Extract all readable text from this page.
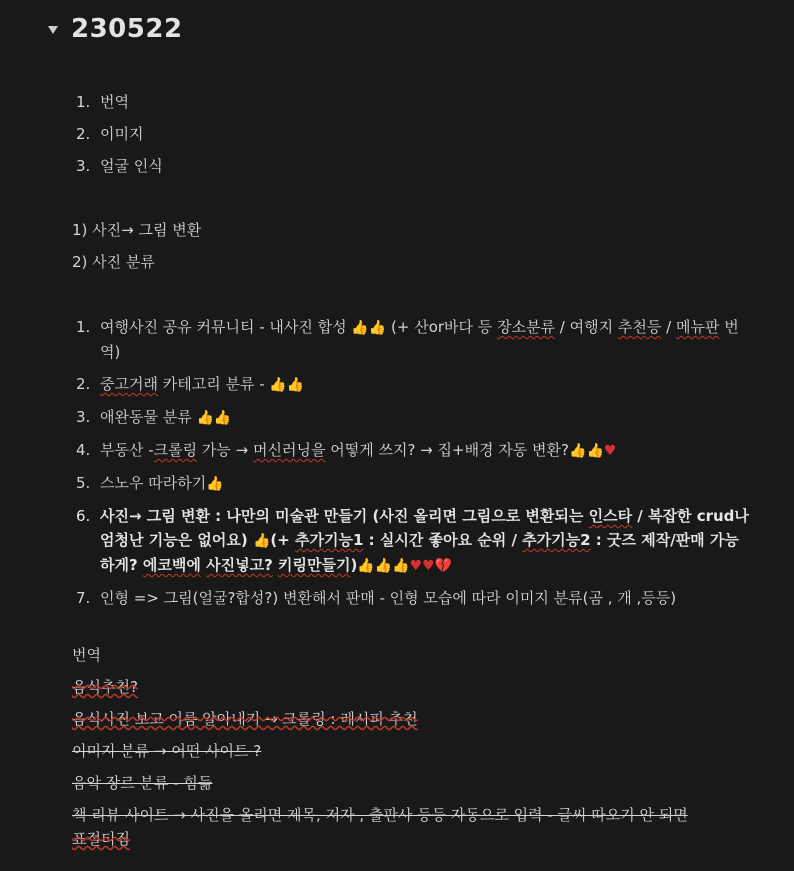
230522
1. 번역
2. 이미지
3. 얼굴 인식
1) 사진→ 그림 변환
2) 사진 분류
1. 여행사진 공유 커뮤니티 - 내사진 합성 👍👍 (+ 산or바다 등 장소분류 / 여행지 추천등 / 메뉴판 번역)
2. 중고거래 카테고리 분류 - 👍👍
3. 애완동물 분류 👍👍
4. 부동산 -크롤링 가능 → 머신러닝을 어떻게 쓰지? → 집+배경 자동 변환?👍👍♥
5. 스노우 따라하기👍
6. 사진→ 그림 변환 : 나만의 미술관 만들기 (사진 올리면 그림으로 변환되는 인스타 / 복잡한 crud나 엄청난 기능은 없어요) 👍(+ 추가기능1 : 실시간 좋아요 순위 / 추가기능2 : 굿즈 제작/판매 가능하게? 에코백에 사진넣고? 키링만들기)👍👍👍♥♥💔
7. 인형 => 그림(얼굴?합성?) 변환해서 판매 - 인형 모습에 따라 이미지 분류(곰 , 개 ,등등)
번역
음식추천?
음식사진 보고 이름 알아내기 → 크롤링 : 레시피 추천
이미지 분류 → 어떤 사이트 ?
음악 장르 분류 - 힘듦
책 리뷰 사이트 → 사진을 올리면 제목, 저자 , 출판사 등등 자동으로 입력 - 글씨 따오기 안 되면
표절티짐
